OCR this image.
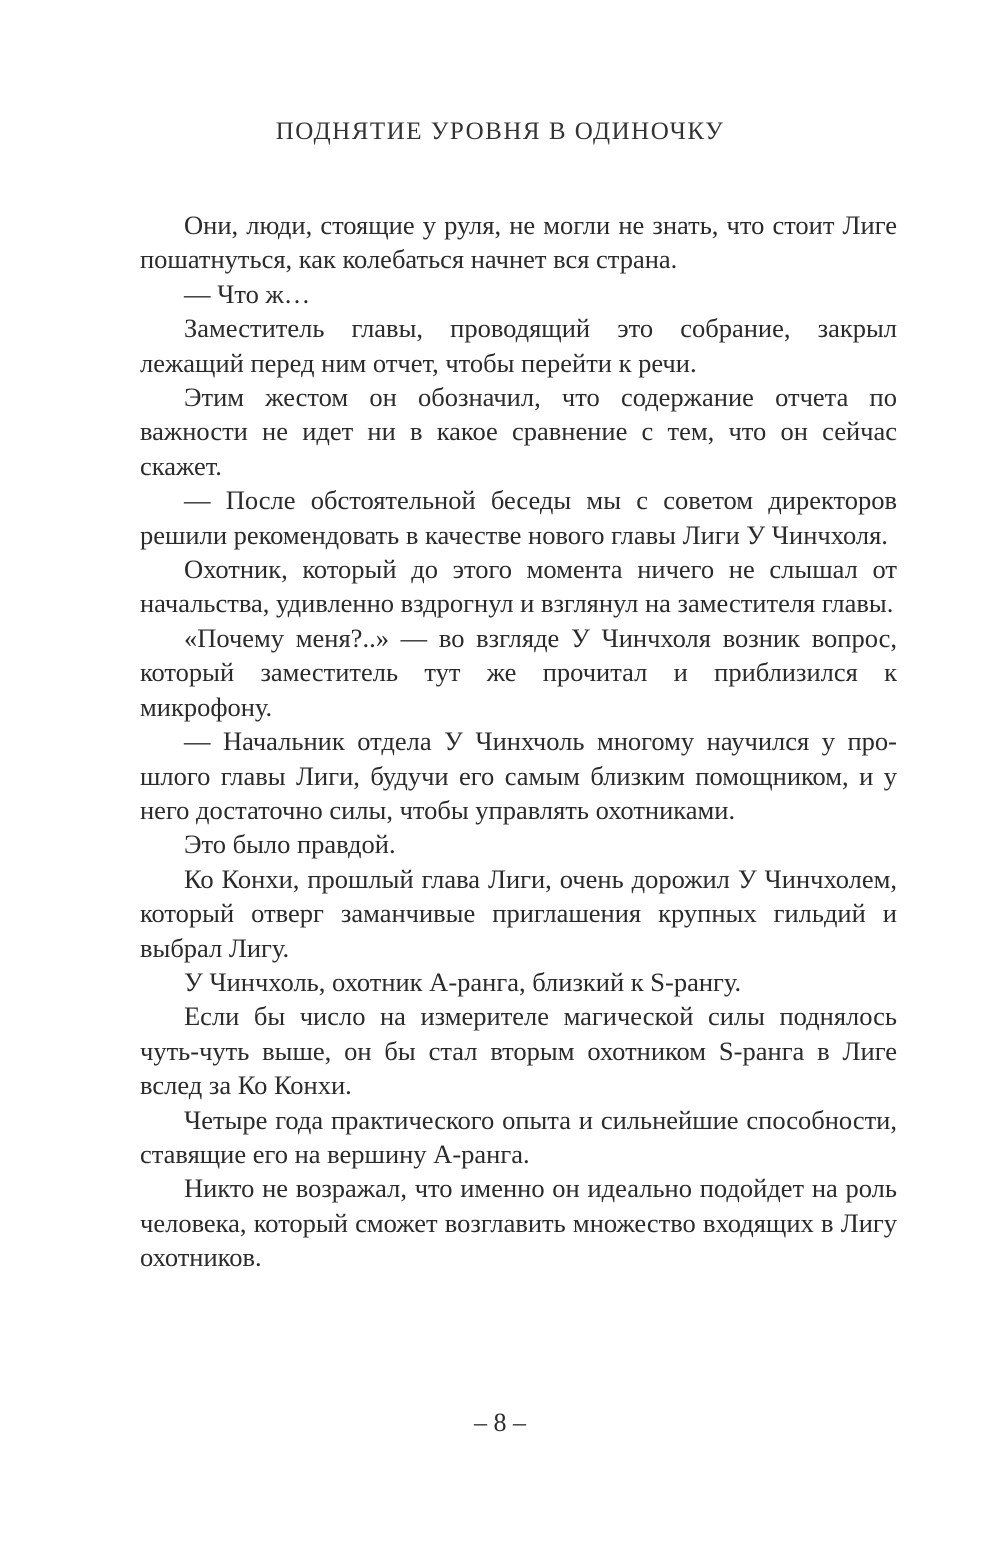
ПОДНЯТИЕ УРОВНЯ В ОДИНОЧКУ

Они, люди, стоящие у руля, не могли не знать, что стоит Лиге пошатнуться, как колебаться начнет вся страна.

— Что ж…

Заместитель главы, проводящий это собрание, закрыл лежащий перед ним отчет, чтобы перейти к речи.

Этим жестом он обозначил, что содержание отчета по важности не идет ни в какое сравнение с тем, что он сейчас скажет.

— После обстоятельной беседы мы с советом директоров решили рекомендовать в качестве нового главы Лиги У Чинчхоля.

Охотник, который до этого момента ничего не слышал от начальства, удивленно вздрогнул и взглянул на заместителя главы.

«Почему меня?..» — во взгляде У Чинчхоля возник вопрос, который заместитель тут же прочитал и приблизился к микрофону.

— Начальник отдела У Чинхчоль многому научился у прошлого главы Лиги, будучи его самым близким помощником, и у него достаточно силы, чтобы управлять охотниками.

Это было правдой.

Ко Конхи, прошлый глава Лиги, очень дорожил У Чинчхолем, который отверг заманчивые приглашения крупных гильдий и выбрал Лигу.

У Чинчхоль, охотник A-ранга, близкий к S-рангу.

Если бы число на измерителе магической силы поднялось чуть-чуть выше, он бы стал вторым охотником S-ранга в Лиге вслед за Ко Конхи.

Четыре года практического опыта и сильнейшие способности, ставящие его на вершину A-ранга.

Никто не возражал, что именно он идеально подойдет на роль человека, который сможет возглавить множество входящих в Лигу охотников.

– 8 –
